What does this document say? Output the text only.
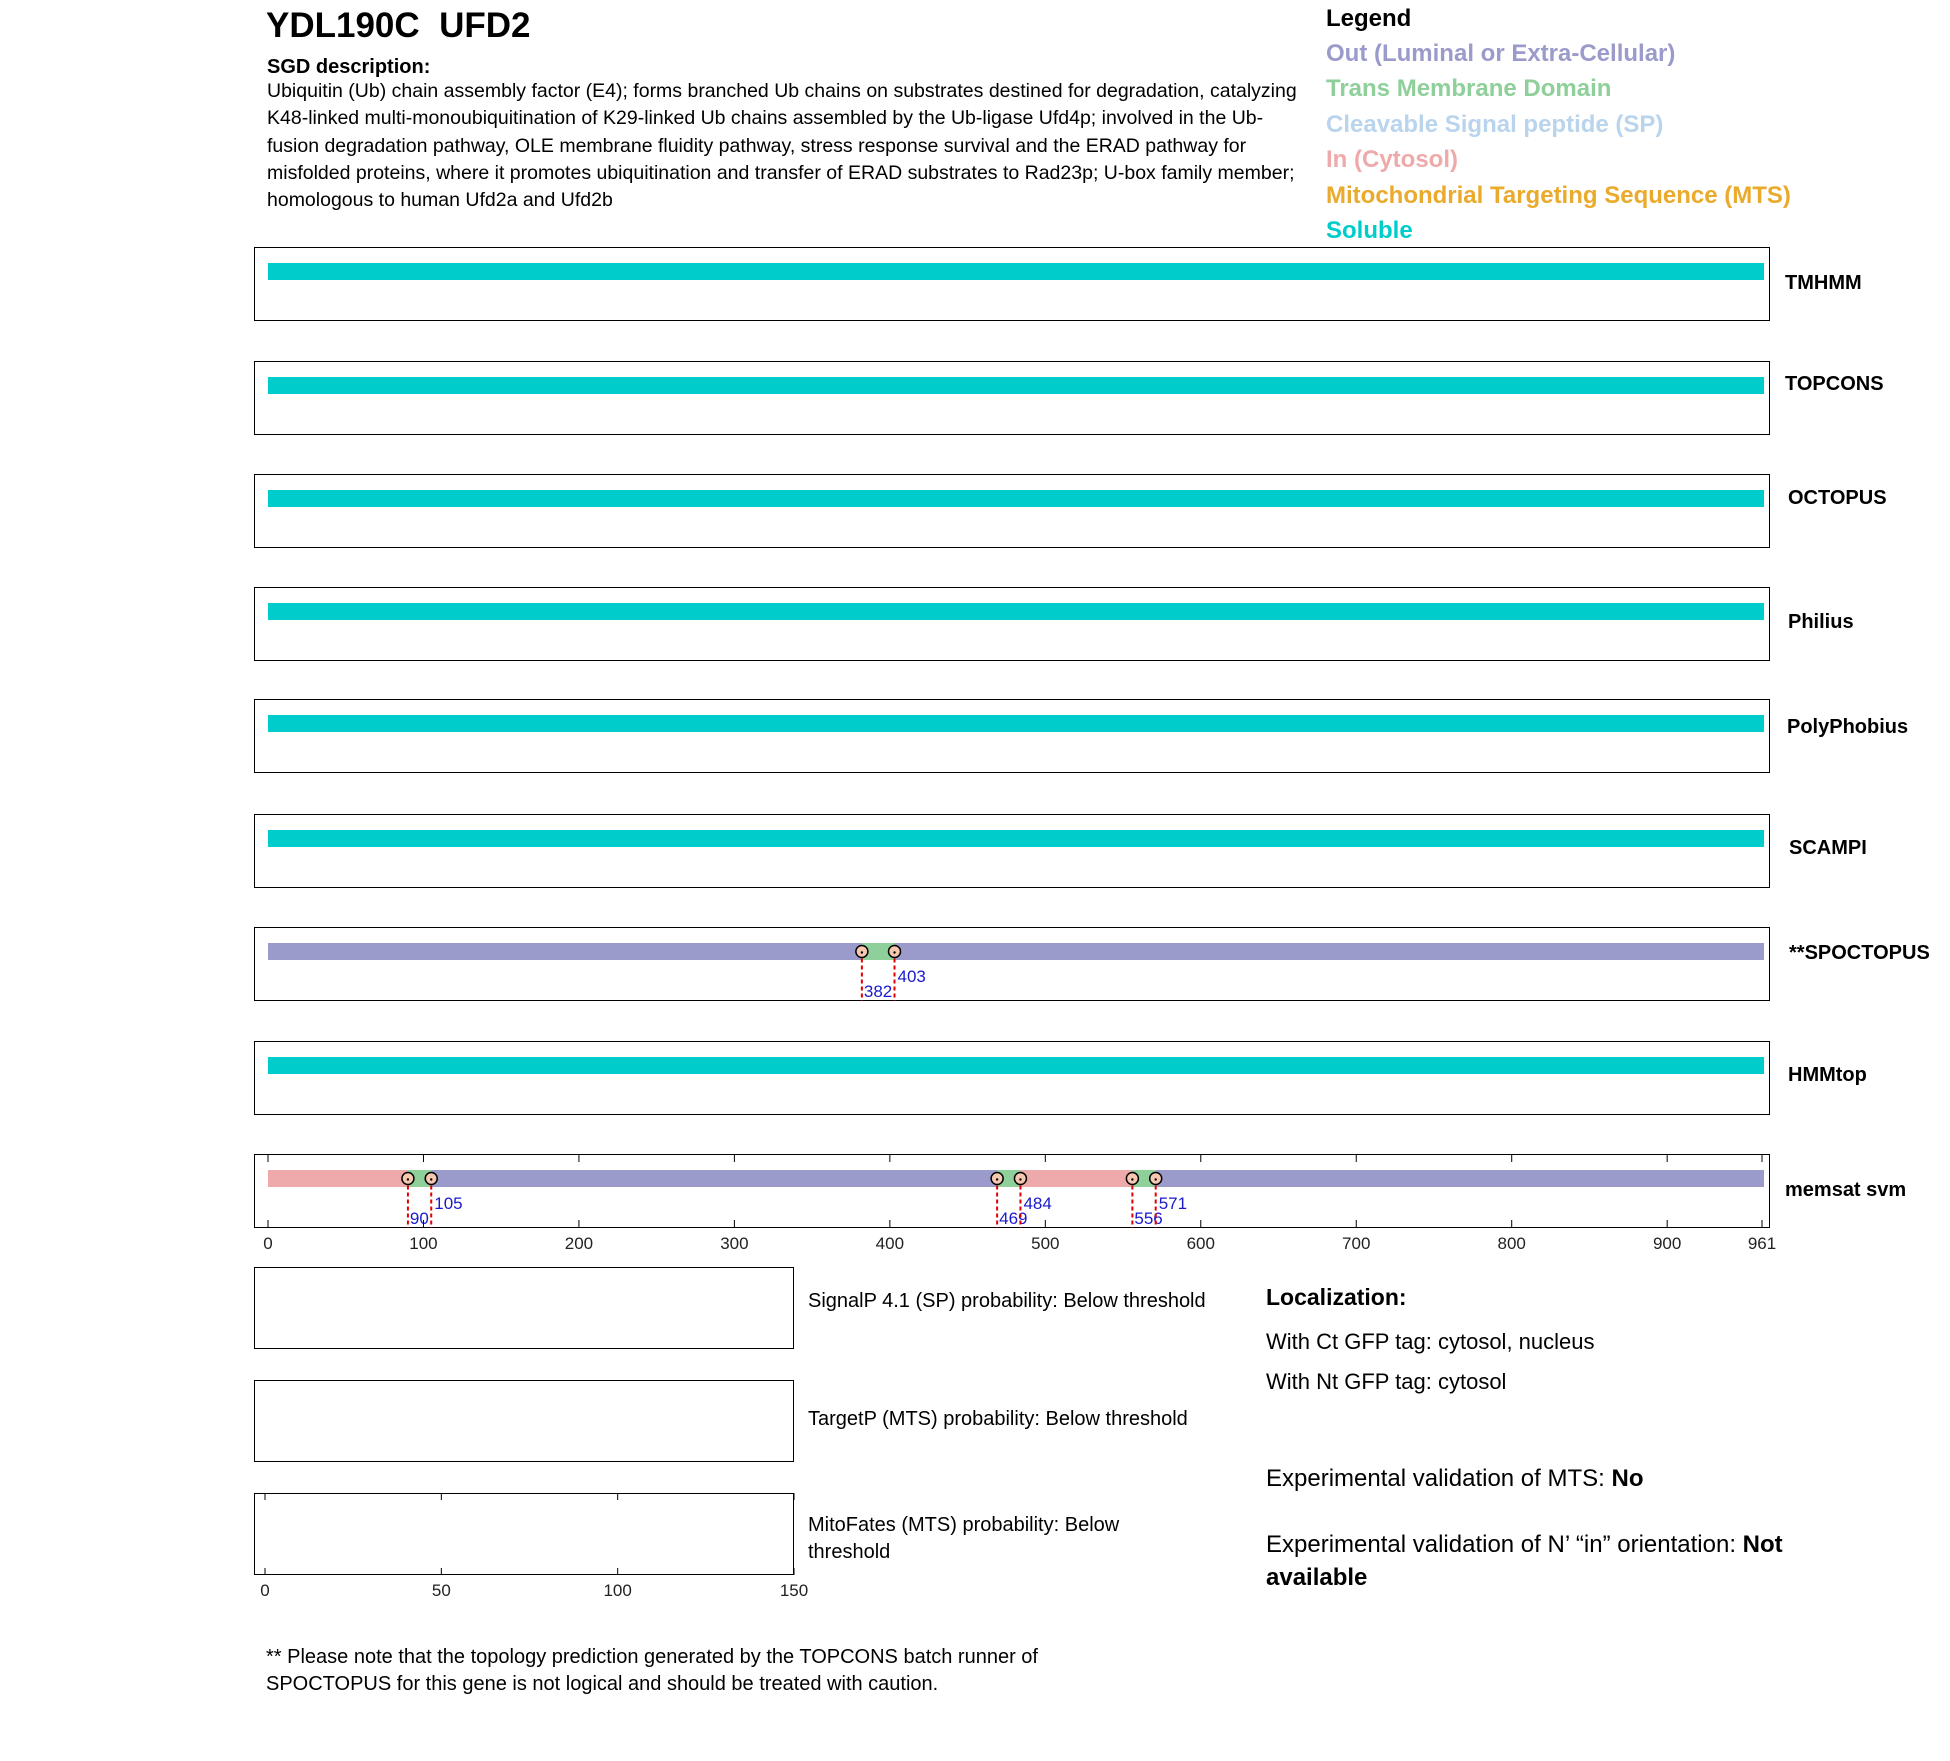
YDL190C  UFD2
SGD description:
Ubiquitin (Ub) chain assembly factor (E4); forms branched Ub chains on substrates destined for degradation, catalyzing K48-linked multi-monoubiquitination of K29-linked Ub chains assembled by the Ub-ligase Ufd4p; involved in the Ub-fusion degradation pathway, OLE membrane fluidity pathway, stress response survival and the ERAD pathway for misfolded proteins, where it promotes ubiquitination and transfer of ERAD substrates to Rad23p; U-box family member; homologous to human Ufd2a and Ufd2b
Legend
Out (Luminal or Extra-Cellular)
Trans Membrane Domain
Cleavable Signal peptide (SP)
In (Cytosol)
Mitochondrial Targeting Sequence (MTS)
Soluble
TMHMM
TOPCONS
OCTOPUS
Philius
PolyPhobius
SCAMPI
**SPOCTOPUS
HMMtop
memsat svm
SignalP 4.1 (SP) probability: Below threshold
TargetP (MTS) probability: Below threshold
MitoFates (MTS) probability: Below threshold
382
403
90
105
469
484
556
571
0	100	200	300	400	500	600	700	800	900	961
0	50	100	150
Localization:
With Ct GFP tag: cytosol, nucleus
With Nt GFP tag: cytosol
Experimental validation of MTS: No
Experimental validation of N’ “in” orientation: Not available
** Please note that the topology prediction generated by the TOPCONS batch runner of SPOCTOPUS for this gene is not logical and should be treated with caution.
